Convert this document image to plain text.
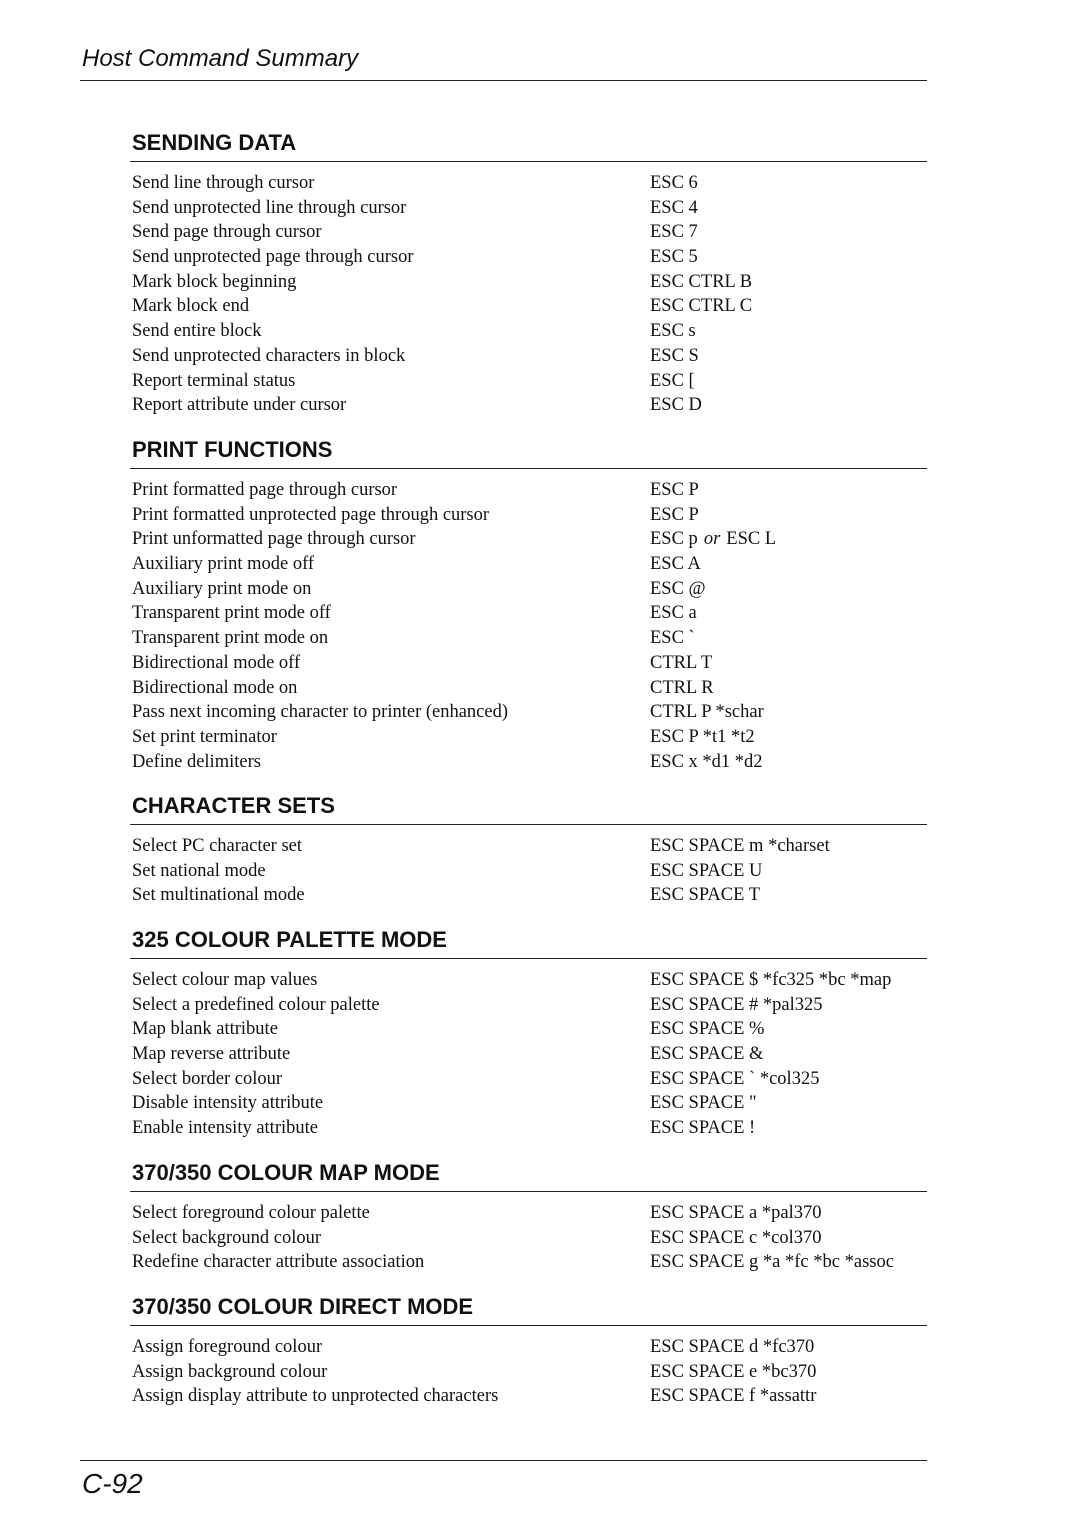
Host Command Summary
SENDING DATA
Send line through cursor	ESC 6
Send unprotected line through cursor	ESC 4
Send page through cursor	ESC 7
Send unprotected page through cursor	ESC 5
Mark block beginning	ESC CTRL B
Mark block end	ESC CTRL C
Send entire block	ESC s
Send unprotected characters in block	ESC S
Report terminal status	ESC [
Report attribute under cursor	ESC D
PRINT FUNCTIONS
Print formatted page through cursor	ESC P
Print formatted unprotected page through cursor	ESC P
Print unformatted page through cursor	ESC p or ESC L
Auxiliary print mode off	ESC A
Auxiliary print mode on	ESC @
Transparent print mode off	ESC a
Transparent print mode on	ESC `
Bidirectional mode off	CTRL T
Bidirectional mode on	CTRL R
Pass next incoming character to printer (enhanced)	CTRL P *schar
Set print terminator	ESC P *t1 *t2
Define delimiters	ESC x *d1 *d2
CHARACTER SETS
Select PC character set	ESC SPACE m *charset
Set national mode	ESC SPACE U
Set multinational mode	ESC SPACE T
325 COLOUR PALETTE MODE
Select colour map values	ESC SPACE $ *fc325 *bc *map
Select a predefined colour palette	ESC SPACE # *pal325
Map blank attribute	ESC SPACE %
Map reverse attribute	ESC SPACE &
Select border colour	ESC SPACE ` *col325
Disable intensity attribute	ESC SPACE "
Enable intensity attribute	ESC SPACE !
370/350 COLOUR MAP MODE
Select foreground colour palette	ESC SPACE a *pal370
Select background colour	ESC SPACE c *col370
Redefine character attribute association	ESC SPACE g *a *fc *bc *assoc
370/350 COLOUR DIRECT MODE
Assign foreground colour	ESC SPACE d *fc370
Assign background colour	ESC SPACE e *bc370
Assign display attribute to unprotected characters	ESC SPACE f *assattr
C-92
